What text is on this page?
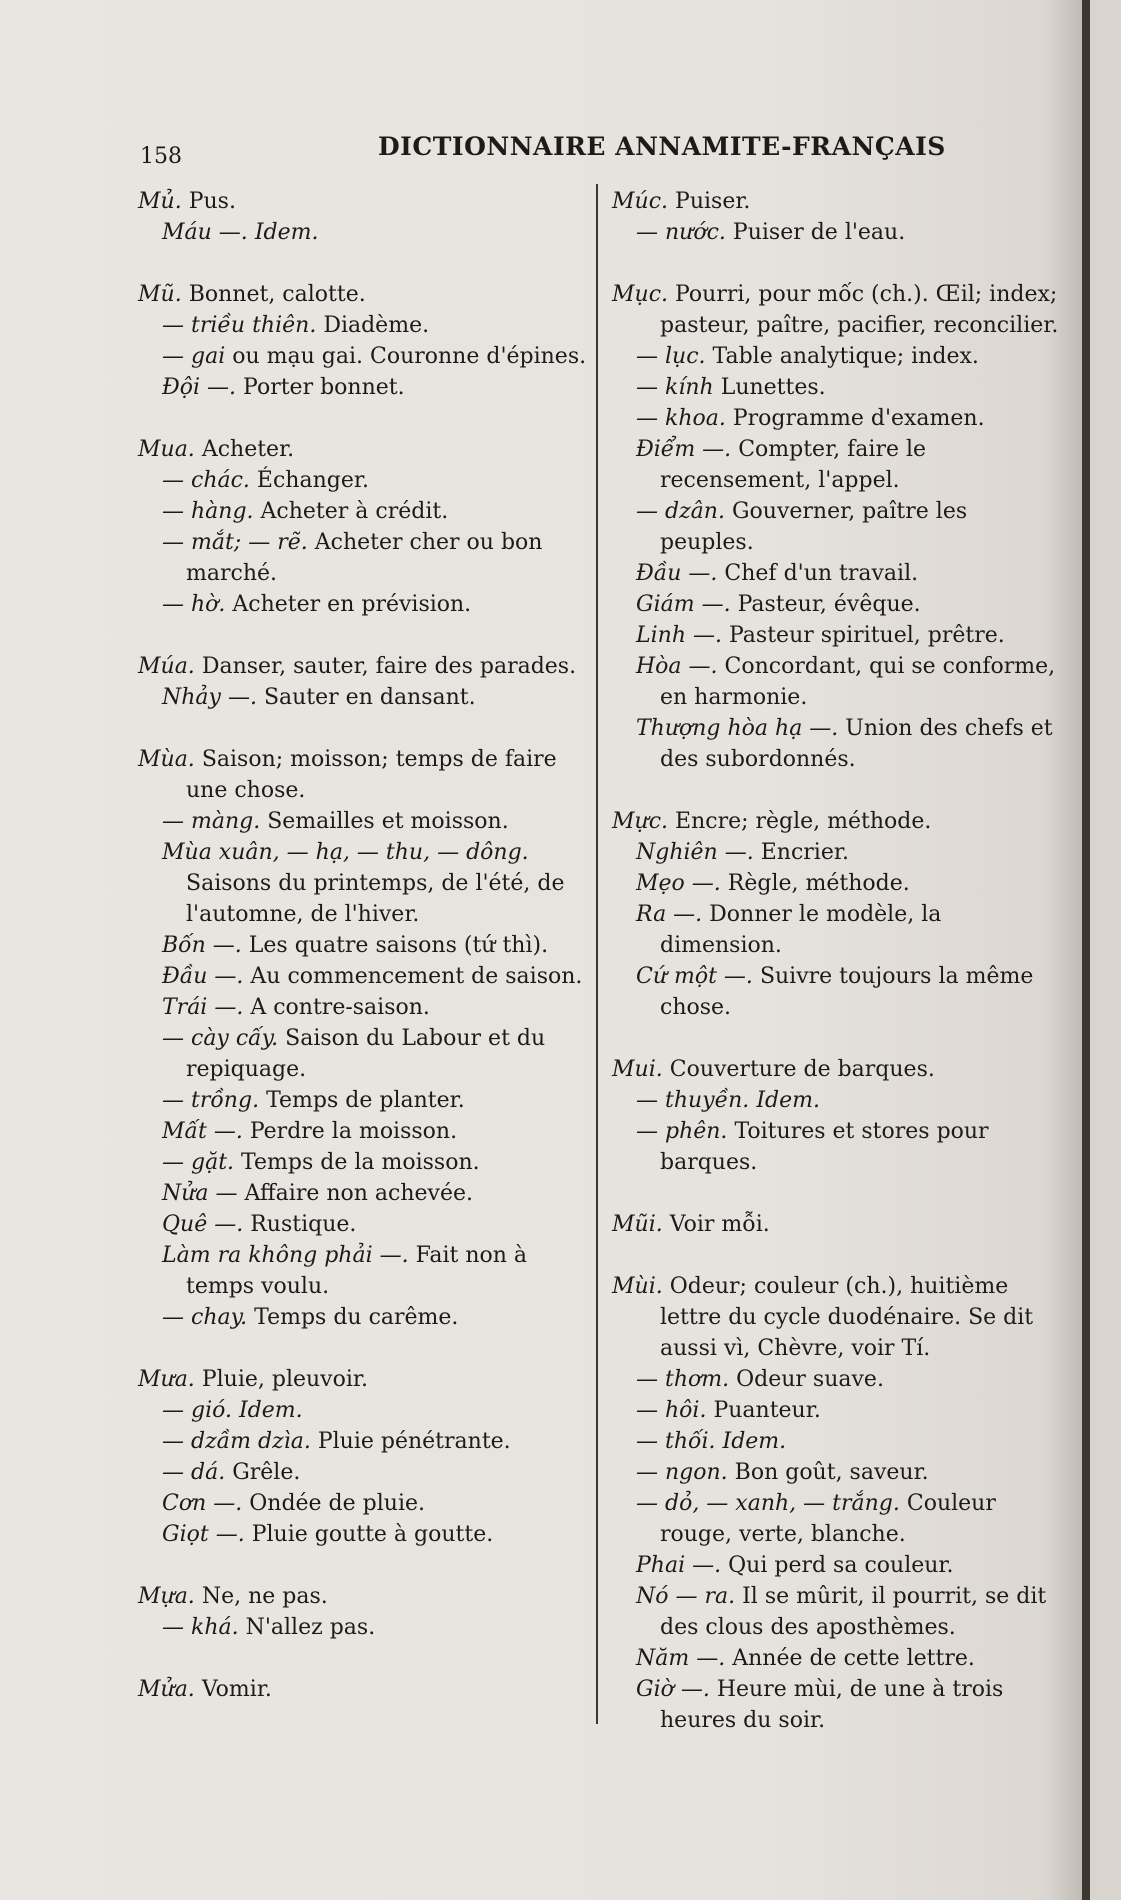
158	DICTIONNAIRE ANNAMITE-FRANÇAIS

Mủ. Pus.

Máu —. Idem.

Mũ. Bonnet, calotte.

— triều thiên. Diadème.

— gai ou mạu gai. Couronne d'épines.

Đội —. Porter bonnet.

Mua. Acheter.

— chác. Échanger.

— hàng. Acheter à crédit.

— mắt; — rẽ. Acheter cher ou bon marché.

— hờ. Acheter en prévision.

Múa. Danser, sauter, faire des parades.

Nhảy —. Sauter en dansant.

Mùa. Saison; moisson; temps de faire une chose.

— màng. Semailles et moisson.

Mùa xuân, — hạ, — thu, — dông. Saisons du printemps, de l'été, de l'automne, de l'hiver.

Bốn —. Les quatre saisons (tứ thì).

Đầu —. Au commencement de saison.

Trái —. A contre-saison.

— cày cấy. Saison du Labour et du repiquage.

— trồng. Temps de planter.

Mất —. Perdre la moisson.

— gặt. Temps de la moisson.

Nửa — Affaire non achevée.

Quê —. Rustique.

Làm ra không phải —. Fait non à temps voulu.

— chay. Temps du carême.

Mưa. Pluie, pleuvoir.

— gió. Idem.

— dzầm dzìa. Pluie pénétrante.

— dá. Grêle.

Cơn —. Ondée de pluie.

Giọt —. Pluie goutte à goutte.

Mựa. Ne, ne pas.

— khá. N'allez pas.

Mửa. Vomir.

Múc. Puiser.

— nước. Puiser de l'eau.

Mục. Pourri, pour mốc (ch.). Œil; index; pasteur, paître, pacifier, reconcilier.

— lục. Table analytique; index.

— kính Lunettes.

— khoa. Programme d'examen.

Điểm —. Compter, faire le recensement, l'appel.

— dzân. Gouverner, paître les peuples.

Đầu —. Chef d'un travail.

Giám —. Pasteur, évêque.

Linh —. Pasteur spirituel, prêtre.

Hòa —. Concordant, qui se conforme, en harmonie.

Thượng hòa hạ —. Union des chefs et des subordonnés.

Mực. Encre; règle, méthode.

Nghiên —. Encrier.

Mẹo —. Règle, méthode.

Ra —. Donner le modèle, la dimension.

Cứ một —. Suivre toujours la même chose.

Mui. Couverture de barques.

— thuyền. Idem.

— phên. Toitures et stores pour barques.

Mũi. Voir mỗi.

Mùi. Odeur; couleur (ch.), huitième lettre du cycle duodénaire. Se dit aussi vì, Chèvre, voir Tí.

— thơm. Odeur suave.

— hôi. Puanteur.

— thối. Idem.

— ngon. Bon goût, saveur.

— dỏ, — xanh, — trắng. Couleur rouge, verte, blanche.

Phai —. Qui perd sa couleur.

Nó — ra. Il se mûrit, il pourrit, se dit des clous des aposthèmes.

Năm —. Année de cette lettre.

Giờ —. Heure mùi, de une à trois heures du soir.
